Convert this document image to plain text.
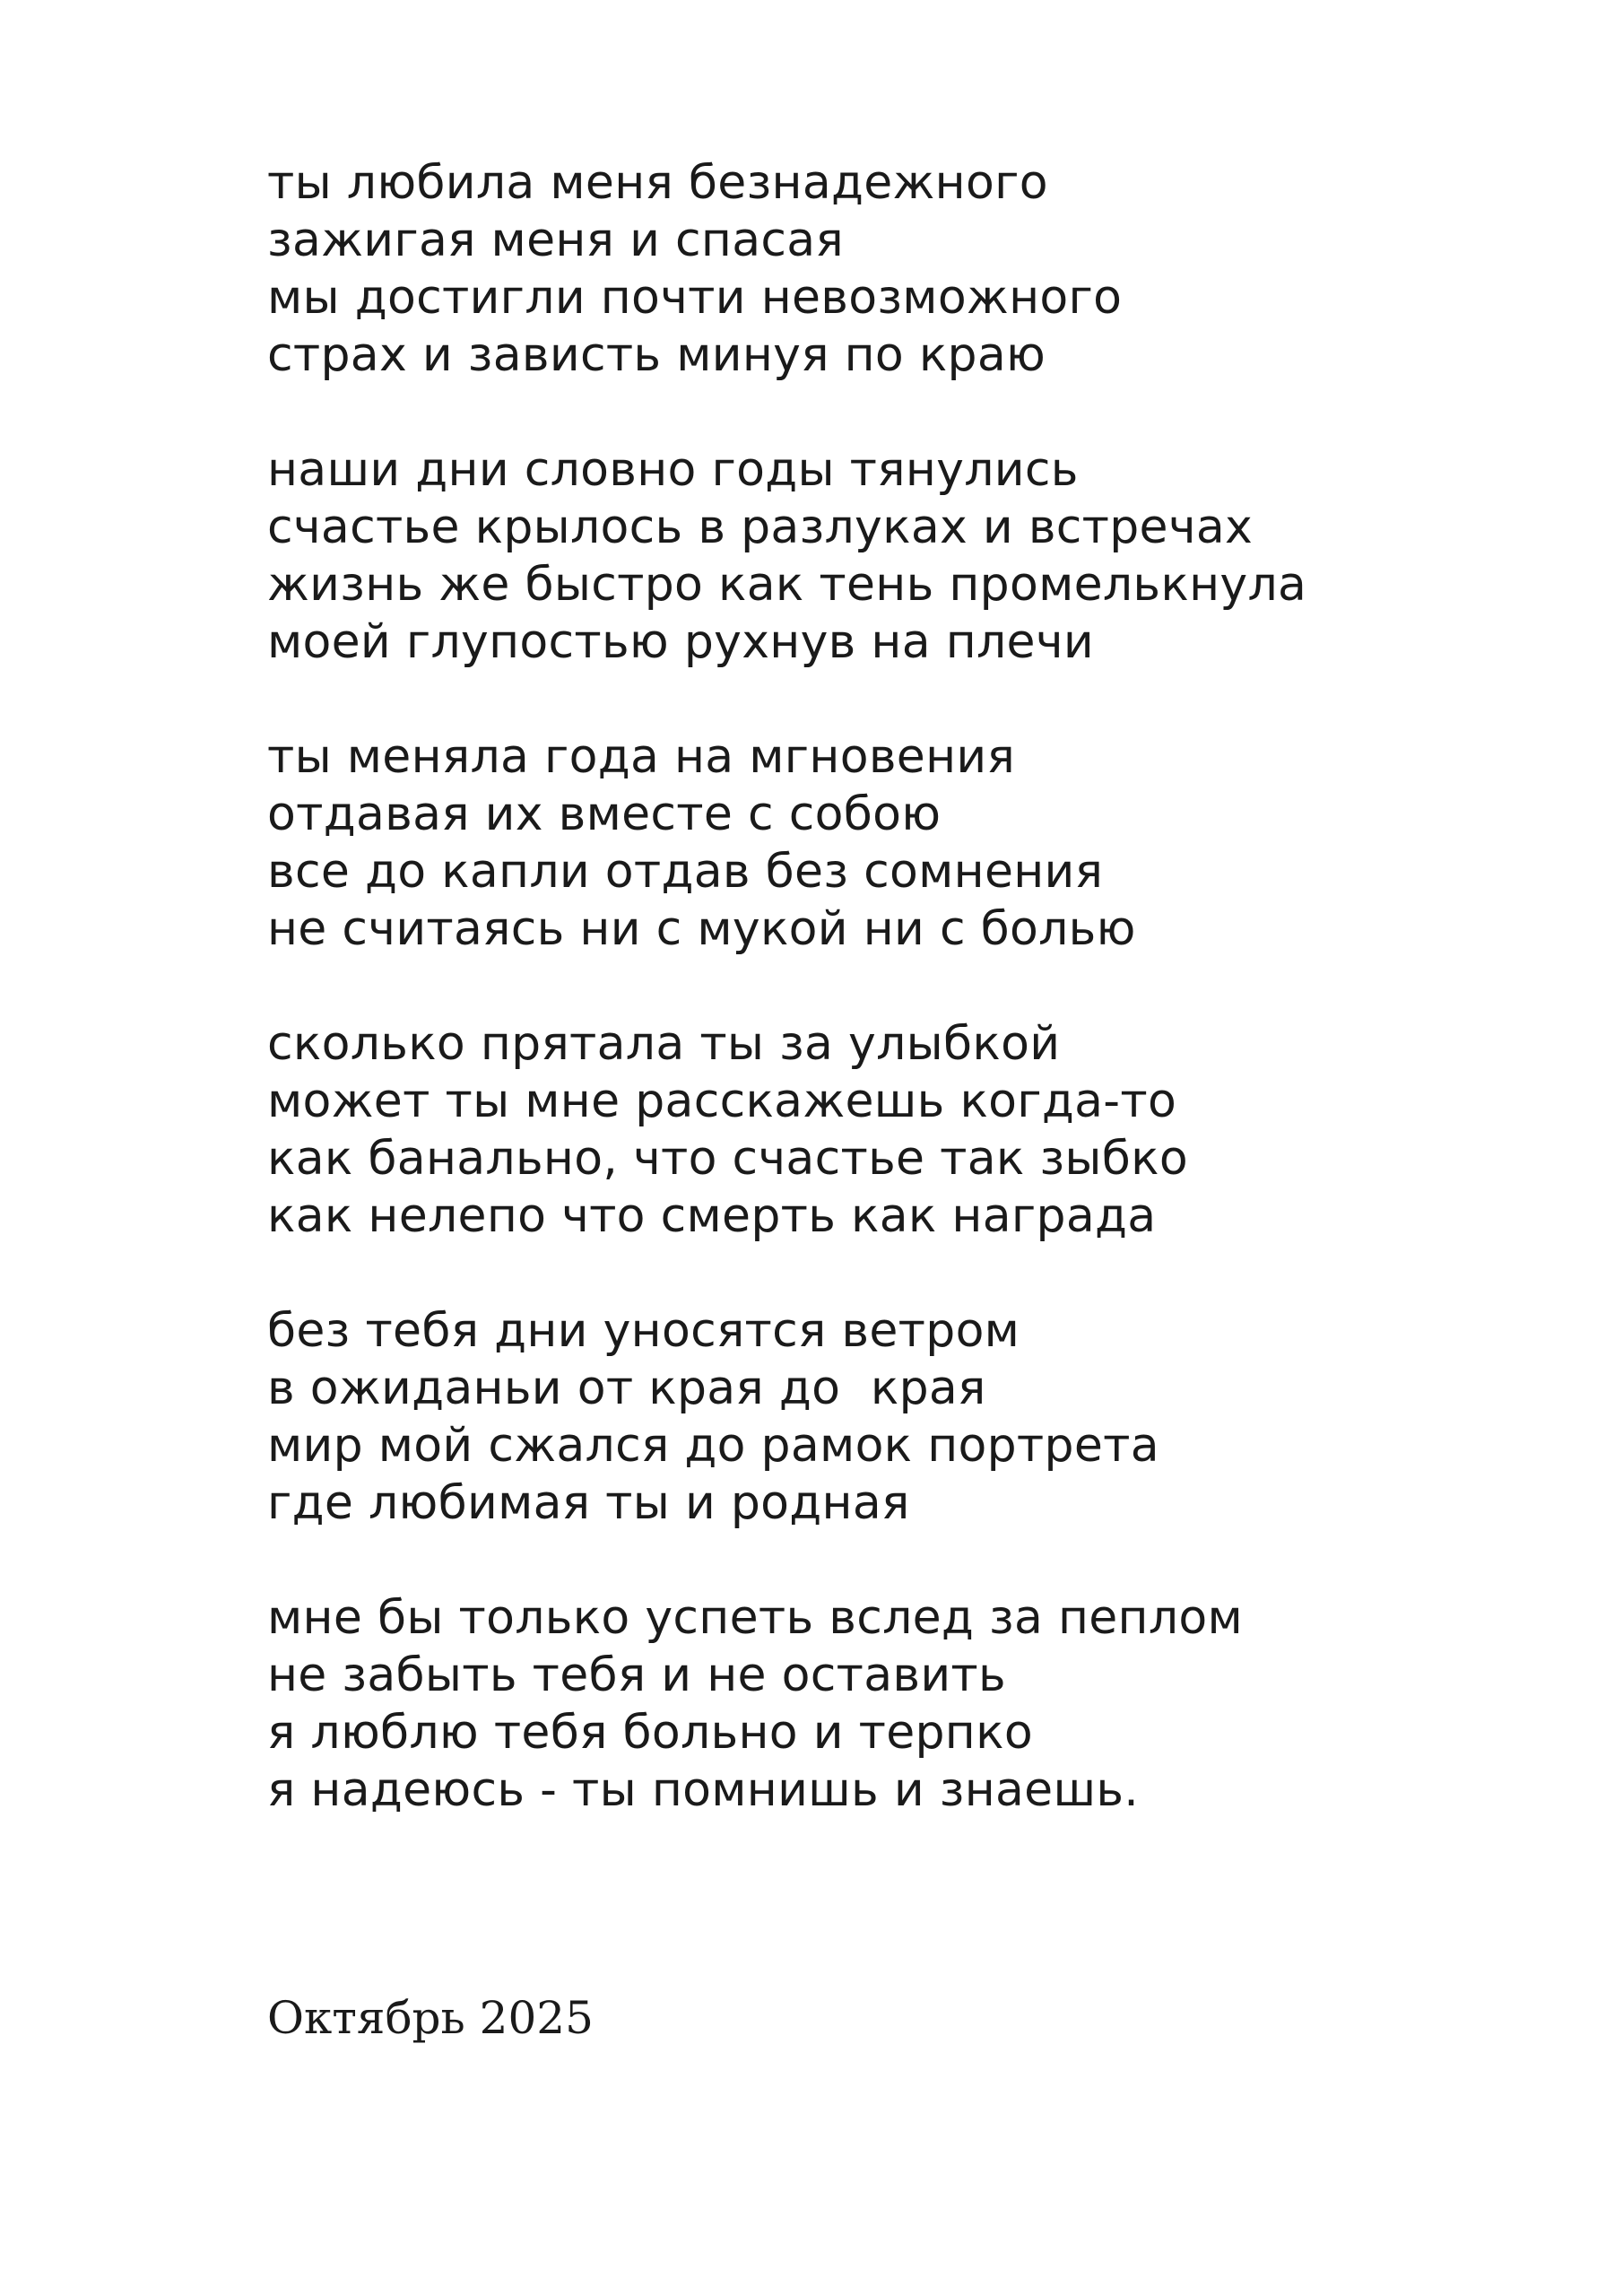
ты любила меня безнадежного
зажигая меня и спасая
мы достигли почти невозможного
страх и зависть минуя по краю
наши дни словно годы тянулись
счастье крылось в разлуках и встречах
жизнь же быстро как тень промелькнула
моей глупостью рухнув на плечи
ты меняла года на мгновения
отдавая их вместе с собою
все до капли отдав без сомнения
не считаясь ни с мукой ни с болью
сколько прятала ты за улыбкой
может ты мне расскажешь когда-то
как банально, что счастье так зыбко
как нелепо что смерть как награда
без тебя дни уносятся ветром
в ожиданьи от края до  края
мир мой сжался до рамок портрета
где любимая ты и родная
мне бы только успеть вслед за пеплом
не забыть тебя и не оставить
я люблю тебя больно и терпко
я надеюсь - ты помнишь и знаешь.
Октябрь 2025
